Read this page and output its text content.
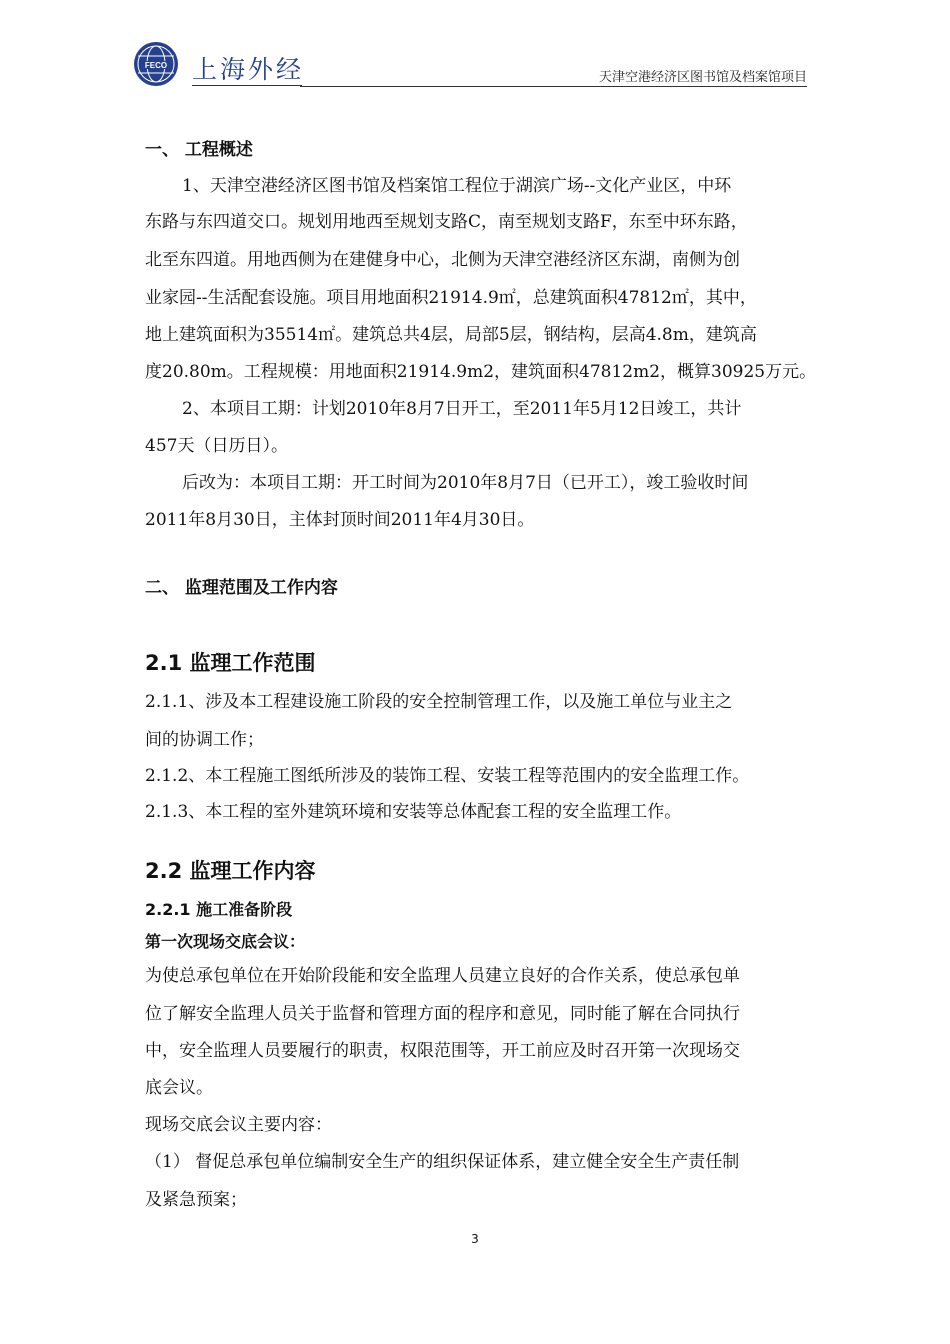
FECO 上海外经	天津空港经济区图书馆及档案馆项目
一、 工程概述
1、天津空港经济区图书馆及档案馆工程位于湖滨广场--文化产业区，中环
东路与东四道交口。规划用地西至规划支路C，南至规划支路F，东至中环东路，
北至东四道。用地西侧为在建健身中心，北侧为天津空港经济区东湖，南侧为创
业家园--生活配套设施。项目用地面积21914.9㎡，总建筑面积47812㎡，其中，
地上建筑面积为35514㎡。建筑总共4层，局部5层，钢结构，层高4.8m，建筑高
度20.80m。工程规模：用地面积21914.9m2，建筑面积47812m2，概算30925万元。
2、本项目工期：计划2010年8月7日开工，至2011年5月12日竣工，共计
457天（日历日）。
后改为：本项目工期：开工时间为2010年8月7日（已开工），竣工验收时间
2011年8月30日，主体封顶时间2011年4月30日。
二、 监理范围及工作内容
2.1 监理工作范围
2.1.1、涉及本工程建设施工阶段的安全控制管理工作，以及施工单位与业主之
间的协调工作；
2.1.2、本工程施工图纸所涉及的装饰工程、安装工程等范围内的安全监理工作。
2.1.3、本工程的室外建筑环境和安装等总体配套工程的安全监理工作。
2.2 监理工作内容
2.2.1 施工准备阶段
第一次现场交底会议：
为使总承包单位在开始阶段能和安全监理人员建立良好的合作关系，使总承包单
位了解安全监理人员关于监督和管理方面的程序和意见，同时能了解在合同执行
中，安全监理人员要履行的职责，权限范围等，开工前应及时召开第一次现场交
底会议。
现场交底会议主要内容：
（1） 督促总承包单位编制安全生产的组织保证体系，建立健全安全生产责任制
及紧急预案；
3
